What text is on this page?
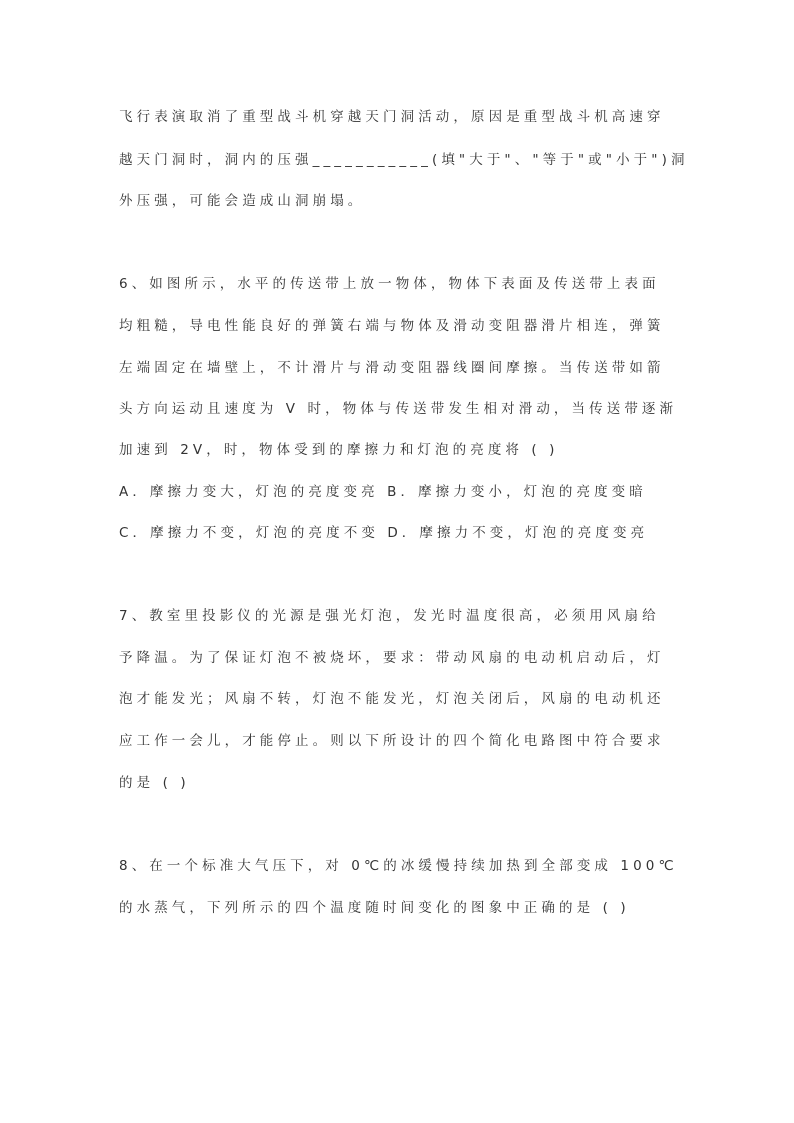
飞行表演取消了重型战斗机穿越天门洞活动，原因是重型战斗机高速穿
越天门洞时，洞内的压强___________(填"大于"、"等于"或"小于")洞
外压强，可能会造成山洞崩塌。
6、如图所示，水平的传送带上放一物体，物体下表面及传送带上表面
均粗糙，导电性能良好的弹簧右端与物体及滑动变阻器滑片相连，弹簧
左端固定在墙壁上，不计滑片与滑动变阻器线圈间摩擦。当传送带如箭
头方向运动且速度为 V 时，物体与传送带发生相对滑动，当传送带逐渐
加速到 2V，时，物体受到的摩擦力和灯泡的亮度将 ( )
A．摩擦力变大，灯泡的亮度变亮 B．摩擦力变小，灯泡的亮度变暗
C．摩擦力不变，灯泡的亮度不变 D．摩擦力不变，灯泡的亮度变亮
7、教室里投影仪的光源是强光灯泡，发光时温度很高，必须用风扇给
予降温。为了保证灯泡不被烧坏，要求：带动风扇的电动机启动后，灯
泡才能发光；风扇不转，灯泡不能发光，灯泡关闭后，风扇的电动机还
应工作一会儿，才能停止。则以下所设计的四个简化电路图中符合要求
的是 ( )
8、在一个标准大气压下，对 0℃的冰缓慢持续加热到全部变成 100℃
的水蒸气，下列所示的四个温度随时间变化的图象中正确的是 ( )
